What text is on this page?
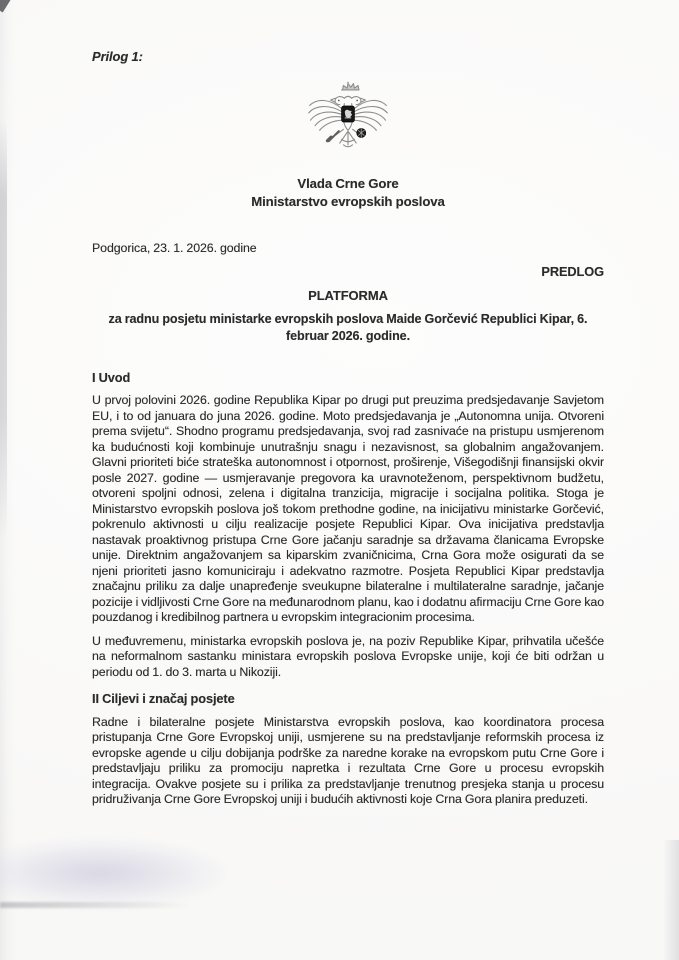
Prilog 1:

Vlada Crne Gore
Ministarstvo evropskih poslova

Podgorica, 23. 1. 2026. godine

PREDLOG

PLATFORMA
za radnu posjetu ministarke evropskih poslova Maide Gorčević Republici Kipar, 6. februar 2026. godine.
I Uvod

U prvoj polovini 2026. godine Republika Kipar po drugi put preuzima predsjedavanje Savjetom EU, i to od januara do juna 2026. godine. Moto predsjedavanja je „Autonomna unija. Otvoreni prema svijetu“. Shodno programu predsjedavanja, svoj rad zasnivaće na pristupu usmjerenom ka budućnosti koji kombinuje unutrašnju snagu i nezavisnost, sa globalnim angažovanjem. Glavni prioriteti biće strateška autonomnost i otpornost, proširenje, Višegodišnji finansijski okvir posle 2027. godine — usmjeravanje pregovora ka uravnoteženom, perspektivnom budžetu, otvoreni spoljni odnosi, zelena i digitalna tranzicija, migracije i socijalna politika. Stoga je Ministarstvo evropskih poslova još tokom prethodne godine, na inicijativu ministarke Gorčević, pokrenulo aktivnosti u cilju realizacije posjete Republici Kipar. Ova inicijativa predstavlja nastavak proaktivnog pristupa Crne Gore jačanju saradnje sa državama članicama Evropske unije. Direktnim angažovanjem sa kiparskim zvaničnicima, Crna Gora može osigurati da se njeni prioriteti jasno komuniciraju i adekvatno razmotre. Posjeta Republici Kipar predstavlja značajnu priliku za dalje unapređenje sveukupne bilateralne i multilateralne saradnje, jačanje pozicije i vidljivosti Crne Gore na međunarodnom planu, kao i dodatnu afirmaciju Crne Gore kao pouzdanog i kredibilnog partnera u evropskim integracionim procesima.

U međuvremenu, ministarka evropskih poslova je, na poziv Republike Kipar, prihvatila učešće na neformalnom sastanku ministara evropskih poslova Evropske unije, koji će biti održan u periodu od 1. do 3. marta u Nikoziji.

II Ciljevi i značaj posjete

Radne i bilateralne posjete Ministarstva evropskih poslova, kao koordinatora procesa pristupanja Crne Gore Evropskoj uniji, usmjerene su na predstavljanje reformskih procesa iz evropske agende u cilju dobijanja podrške za naredne korake na evropskom putu Crne Gore i predstavljaju priliku za promociju napretka i rezultata Crne Gore u procesu evropskih integracija. Ovakve posjete su i prilika za predstavljanje trenutnog presjeka stanja u procesu pridruživanja Crne Gore Evropskoj uniji i budućih aktivnosti koje Crna Gora planira preduzeti.
